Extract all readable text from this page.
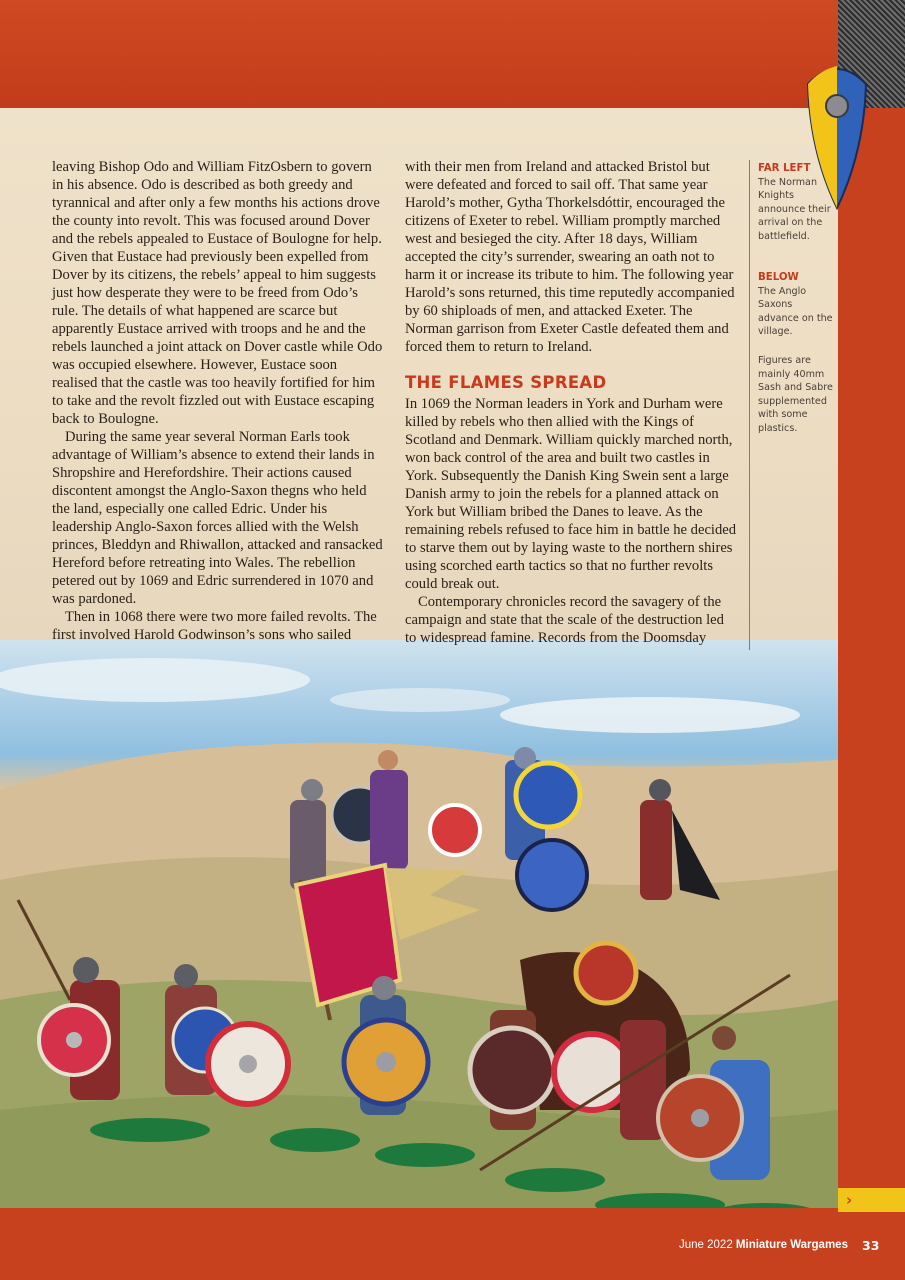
leaving Bishop Odo and William FitzOsbern to govern in his absence. Odo is described as both greedy and tyrannical and after only a few months his actions drove the county into revolt. This was focused around Dover and the rebels appealed to Eustace of Boulogne for help. Given that Eustace had previously been expelled from Dover by its citizens, the rebels’ appeal to him suggests just how desperate they were to be freed from Odo’s rule. The details of what happened are scarce but apparently Eustace arrived with troops and he and the rebels launched a joint attack on Dover castle while Odo was occupied elsewhere. However, Eustace soon realised that the castle was too heavily fortified for him to take and the revolt fizzled out with Eustace escaping back to Boulogne.

During the same year several Norman Earls took advantage of William’s absence to extend their lands in Shropshire and Herefordshire. Their actions caused discontent amongst the Anglo-Saxon thegns who held the land, especially one called Edric. Under his leadership Anglo-Saxon forces allied with the Welsh princes, Bleddyn and Rhiwallon, attacked and ransacked Hereford before retreating into Wales. The rebellion petered out by 1069 and Edric surrendered in 1070 and was pardoned.

Then in 1068 there were two more failed revolts. The first involved Harold Godwinson’s sons who sailed

with their men from Ireland and attacked Bristol but were defeated and forced to sail off. That same year Harold’s mother, Gytha Thorkelsdóttir, encouraged the citizens of Exeter to rebel. William promptly marched west and besieged the city. After 18 days, William accepted the city’s surrender, swearing an oath not to harm it or increase its tribute to him. The following year Harold’s sons returned, this time reputedly accompanied by 60 shiploads of men, and attacked Exeter. The Norman garrison from Exeter Castle defeated them and forced them to return to Ireland.

THE FLAMES SPREAD

In 1069 the Norman leaders in York and Durham were killed by rebels who then allied with the Kings of Scotland and Denmark. William quickly marched north, won back control of the area and built two castles in York. Subsequently the Danish King Swein sent a large Danish army to join the rebels for a planned attack on York but William bribed the Danes to leave. As the remaining rebels refused to face him in battle he decided to starve them out by laying waste to the northern shires using scorched earth tactics so that no further revolts could break out.

Contemporary chronicles record the savagery of the campaign and state that the scale of the destruction led to widespread famine. Records from the Doomsday

FAR LEFT
The Norman Knights announce their arrival on the battlefield.
BELOW
The Anglo Saxons advance on the village.
Figures are mainly 40mm Sash and Sabre supplemented with some plastics.
›
June 2022 Miniature Wargames 33
